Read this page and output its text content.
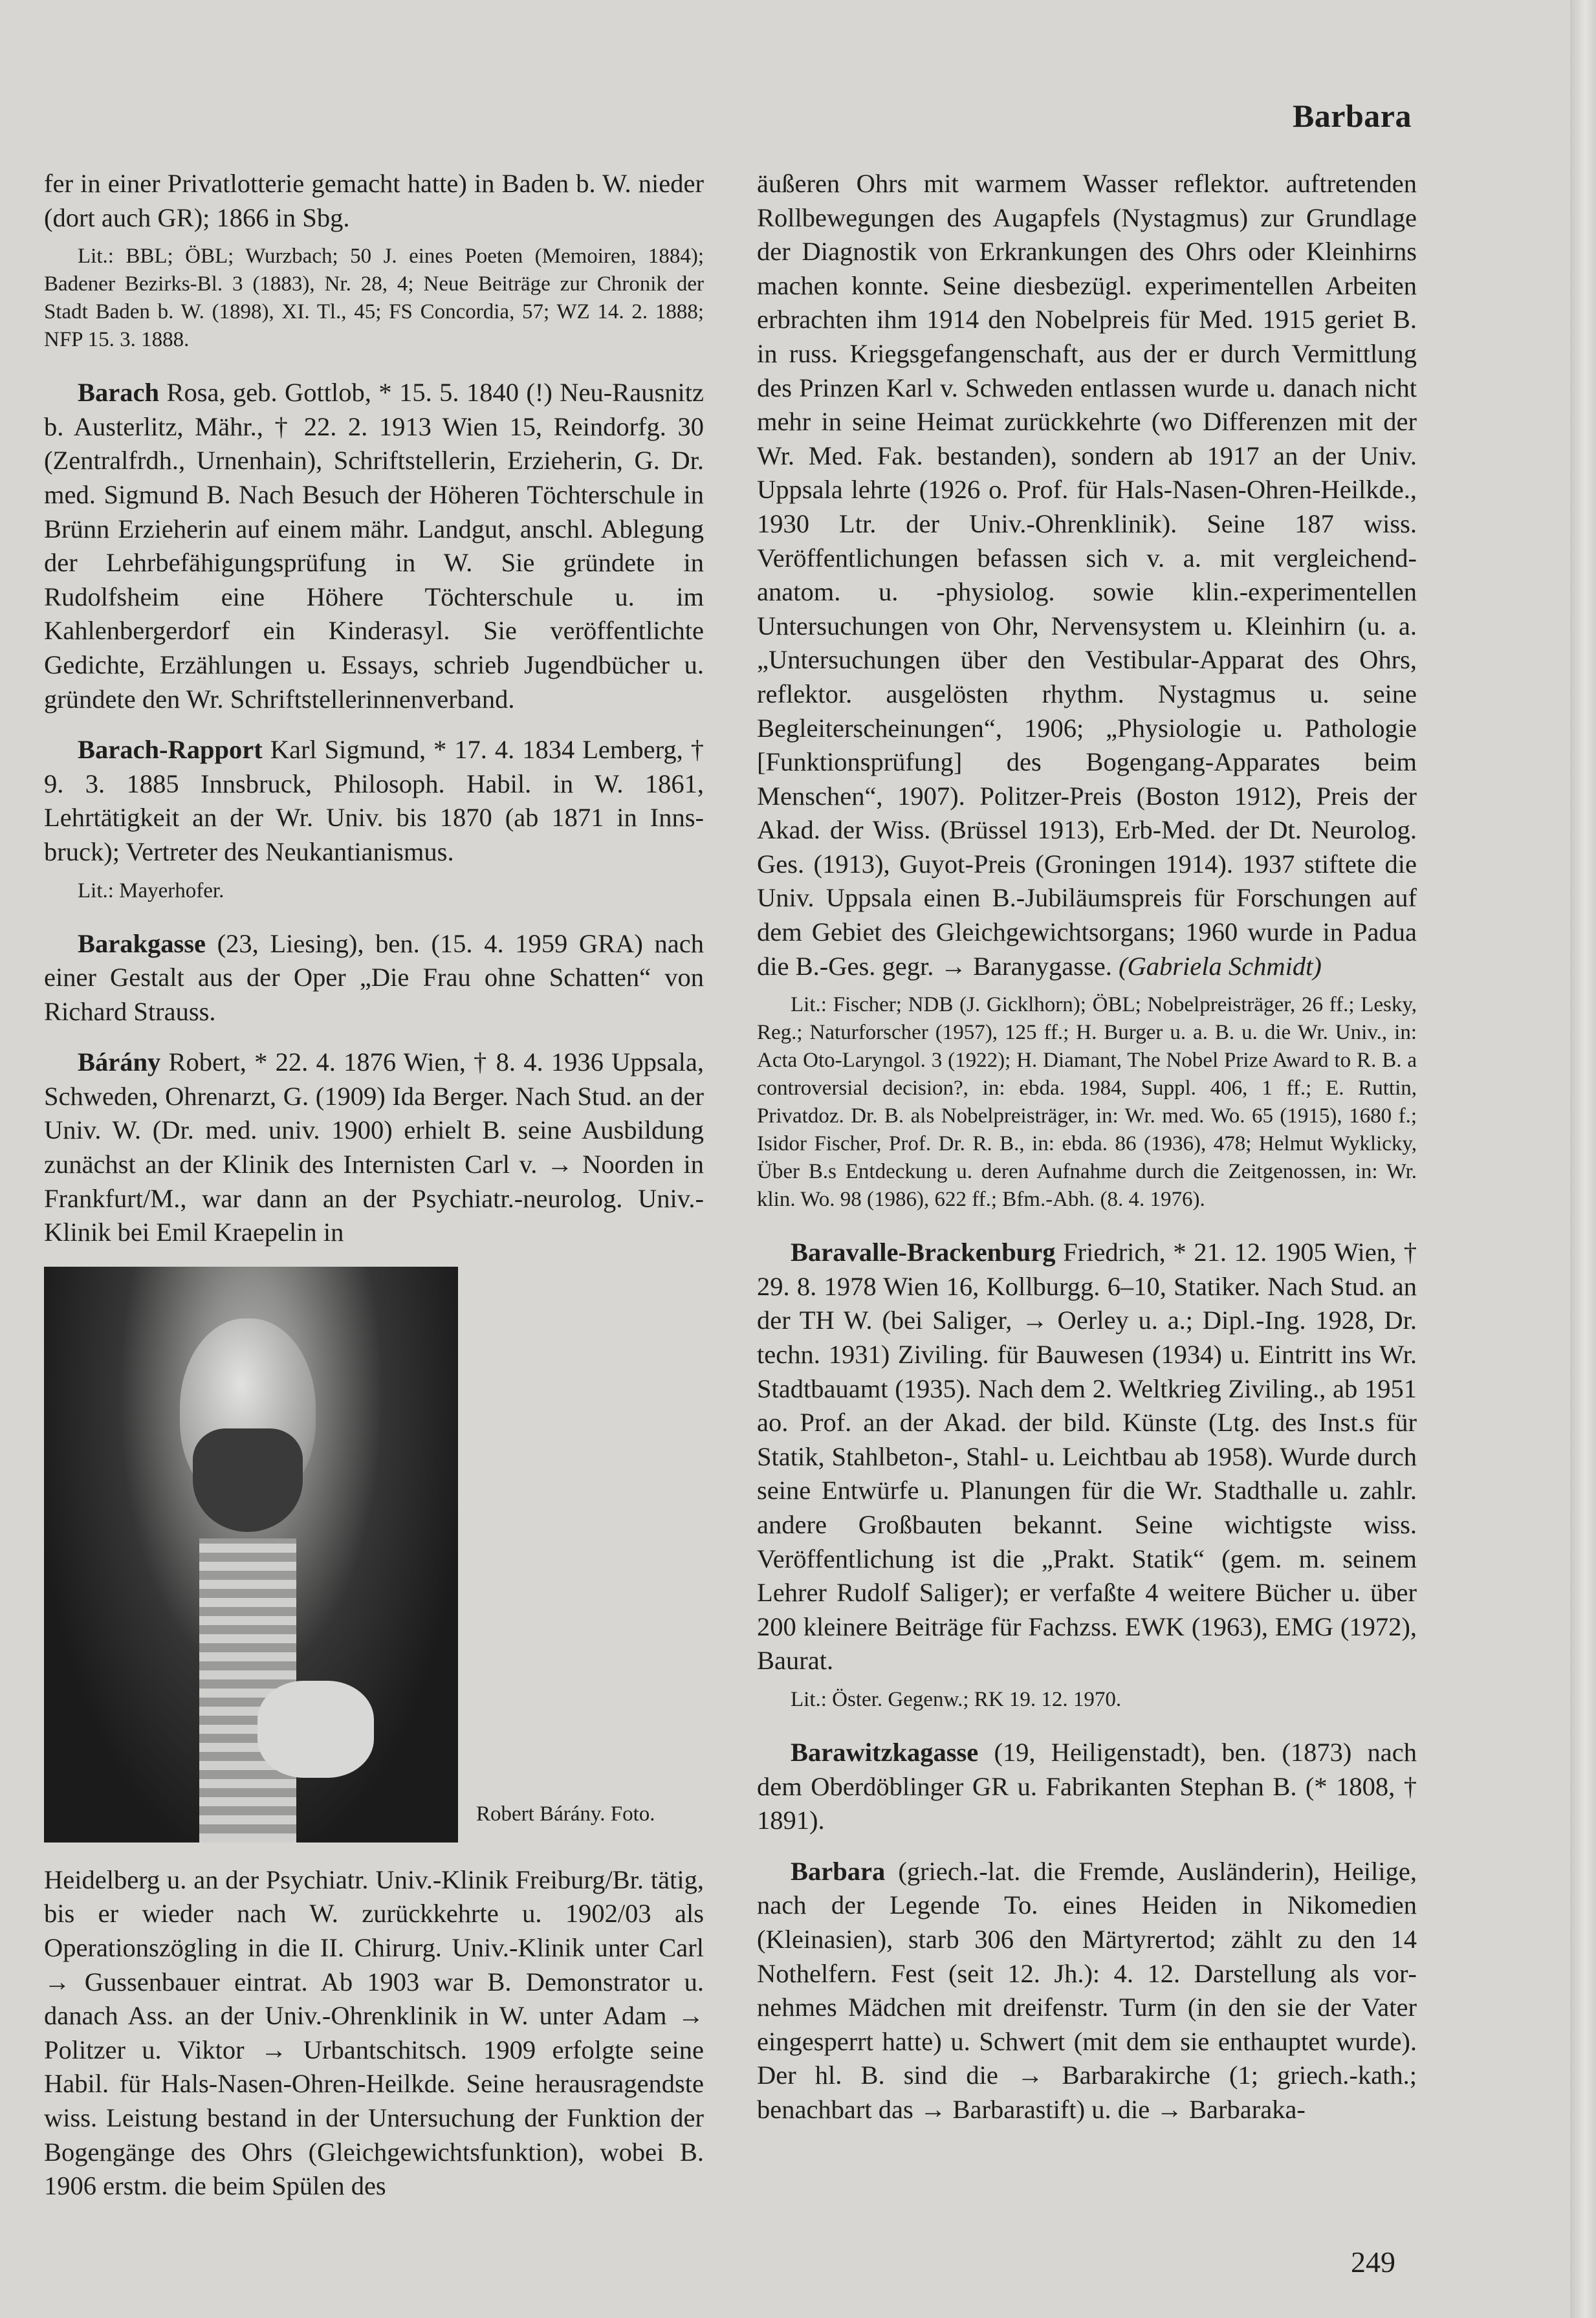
Barbara

fer in einer Privatlotterie gemacht hatte) in Baden b. W. nieder (dort auch GR); 1866 in Sbg.

Lit.: BBL; ÖBL; Wurzbach; 50 J. eines Poeten (Memoiren, 1884); Badener Bezirks-Bl. 3 (1883), Nr. 28, 4; Neue Beiträge zur Chronik der Stadt Baden b. W. (1898), XI. Tl., 45; FS Concordia, 57; WZ 14. 2. 1888; NFP 15. 3. 1888.

Barach Rosa, geb. Gottlob, * 15. 5. 1840 (!) Neu-Rausnitz b. Austerlitz, Mähr., † 22. 2. 1913 Wien 15, Reindorfg. 30 (Zentralfrdh., Urnenhain), Schriftstellerin, Erzieherin, G. Dr. med. Sigmund B. Nach Besuch der Höheren Töchterschule in Brünn Erzieherin auf einem mähr. Landgut, anschl. Ablegung der Lehrbefähigungsprüfung in W. Sie gründete in Rudolfsheim eine Höhere Töchterschule u. im Kahlenbergerdorf ein Kinderasyl. Sie veröffentlichte Gedichte, Erzählungen u. Essays, schrieb Jugendbücher u. gründete den Wr. Schriftstellerinnenverband.

Barach-Rapport Karl Sigmund, * 17. 4. 1834 Lemberg, † 9. 3. 1885 Innsbruck, Philosoph. Habil. in W. 1861, Lehrtätigkeit an der Wr. Univ. bis 1870 (ab 1871 in Innsbruck); Vertreter des Neukantianismus.

Lit.: Mayerhofer.

Barakgasse (23, Liesing), ben. (15. 4. 1959 GRA) nach einer Gestalt aus der Oper „Die Frau ohne Schatten“ von Richard Strauss.

Bárány Robert, * 22. 4. 1876 Wien, † 8. 4. 1936 Uppsala, Schweden, Ohrenarzt, G. (1909) Ida Berger. Nach Stud. an der Univ. W. (Dr. med. univ. 1900) erhielt B. seine Ausbildung zunächst an der Klinik des Internisten Carl v. → Noorden in Frankfurt/M., war dann an der Psychiatr.-neurolog. Univ.-Klinik bei Emil Kraepelin in

Robert Bárány. Foto.

Heidelberg u. an der Psychiatr. Univ.-Klinik Freiburg/Br. tätig, bis er wieder nach W. zurückkehrte u. 1902/03 als Operationszögling in die II. Chirurg. Univ.-Klinik unter Carl → Gussenbauer eintrat. Ab 1903 war B. Demonstrator u. danach Ass. an der Univ.-Ohrenklinik in W. unter Adam → Politzer u. Viktor → Urbantschitsch. 1909 erfolgte seine Habil. für Hals-Nasen-Ohren-Heilkde. Seine herausragendste wiss. Leistung bestand in der Untersuchung der Funktion der Bogengänge des Ohrs (Gleichgewichtsfunktion), wobei B. 1906 erstm. die beim Spülen des

äußeren Ohrs mit warmem Wasser reflektor. auftretenden Rollbewegungen des Augapfels (Nystagmus) zur Grundlage der Diagnostik von Erkrankungen des Ohrs oder Kleinhirns machen konnte. Seine diesbezügl. experimentellen Arbeiten erbrachten ihm 1914 den Nobelpreis für Med. 1915 geriet B. in russ. Kriegsgefangenschaft, aus der er durch Vermittlung des Prinzen Karl v. Schweden entlassen wurde u. danach nicht mehr in seine Heimat zurückkehrte (wo Differenzen mit der Wr. Med. Fak. bestanden), sondern ab 1917 an der Univ. Uppsala lehrte (1926 o. Prof. für Hals-Nasen-Ohren-Heilkde., 1930 Ltr. der Univ.-Ohrenklinik). Seine 187 wiss. Veröffentlichungen befassen sich v. a. mit vergleichend-anatom. u. -physiolog. sowie klin.-experimentellen Untersuchungen von Ohr, Nervensystem u. Kleinhirn (u. a. „Untersuchungen über den Vestibular-Apparat des Ohrs, reflektor. ausgelösten rhythm. Nystagmus u. seine Begleiterscheinungen“, 1906; „Physiologie u. Pathologie [Funktionsprüfung] des Bogengang-Apparates beim Menschen“, 1907). Politzer-Preis (Boston 1912), Preis der Akad. der Wiss. (Brüssel 1913), Erb-Med. der Dt. Neurolog. Ges. (1913), Guyot-Preis (Groningen 1914). 1937 stiftete die Univ. Uppsala einen B.-Jubiläumspreis für Forschungen auf dem Gebiet des Gleichgewichtsorgans; 1960 wurde in Padua die B.-Ges. gegr. → Baranygasse. (Gabriela Schmidt)

Lit.: Fischer; NDB (J. Gicklhorn); ÖBL; Nobelpreisträger, 26 ff.; Lesky, Reg.; Naturforscher (1957), 125 ff.; H. Burger u. a. B. u. die Wr. Univ., in: Acta Oto-Laryngol. 3 (1922); H. Diamant, The Nobel Prize Award to R. B. a controversial decision?, in: ebda. 1984, Suppl. 406, 1 ff.; E. Ruttin, Privatdoz. Dr. B. als Nobelpreisträger, in: Wr. med. Wo. 65 (1915), 1680 f.; Isidor Fischer, Prof. Dr. R. B., in: ebda. 86 (1936), 478; Helmut Wyklicky, Über B.s Entdeckung u. deren Aufnahme durch die Zeitgenossen, in: Wr. klin. Wo. 98 (1986), 622 ff.; Bfm.-Abh. (8. 4. 1976).

Baravalle-Brackenburg Friedrich, * 21. 12. 1905 Wien, † 29. 8. 1978 Wien 16, Kollburgg. 6–10, Statiker. Nach Stud. an der TH W. (bei Saliger, → Oerley u. a.; Dipl.-Ing. 1928, Dr. techn. 1931) Ziviling. für Bauwesen (1934) u. Eintritt ins Wr. Stadtbauamt (1935). Nach dem 2. Weltkrieg Ziviling., ab 1951 ao. Prof. an der Akad. der bild. Künste (Ltg. des Inst.s für Statik, Stahlbeton-, Stahl- u. Leichtbau ab 1958). Wurde durch seine Entwürfe u. Planungen für die Wr. Stadthalle u. zahlr. andere Großbauten bekannt. Seine wichtigste wiss. Veröffentlichung ist die „Prakt. Statik“ (gem. m. seinem Lehrer Rudolf Saliger); er verfaßte 4 weitere Bücher u. über 200 kleinere Beiträge für Fachzss. EWK (1963), EMG (1972), Baurat.

Lit.: Öster. Gegenw.; RK 19. 12. 1970.

Barawitzkagasse (19, Heiligenstadt), ben. (1873) nach dem Oberdöblinger GR u. Fabrikanten Stephan B. (* 1808, † 1891).

Barbara (griech.-lat. die Fremde, Ausländerin), Heilige, nach der Legende To. eines Heiden in Nikomedien (Kleinasien), starb 306 den Märtyrertod; zählt zu den 14 Nothelfern. Fest (seit 12. Jh.): 4. 12. Darstellung als vornehmes Mädchen mit dreifenstr. Turm (in den sie der Vater eingesperrt hatte) u. Schwert (mit dem sie enthauptet wurde). Der hl. B. sind die → Barbarakirche (1; griech.-kath.; benachbart das → Barbarastift) u. die → Barbaraka-

249
